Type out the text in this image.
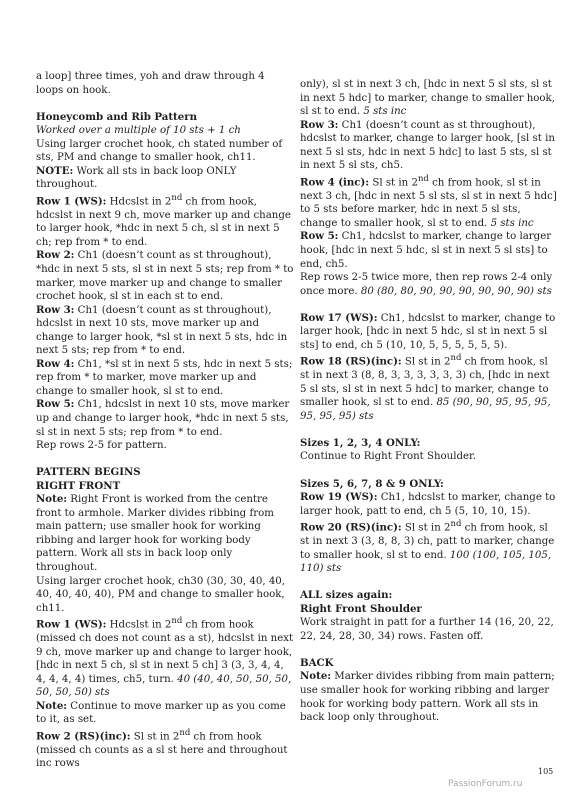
a loop] three times, yoh and draw through 4 loops on hook.

Honeycomb and Rib Pattern

Worked over a multiple of 10 sts + 1 ch

Using larger crochet hook, ch stated number of sts, PM and change to smaller hook, ch11.

NOTE: Work all sts in back loop ONLY throughout.

Row 1 (WS): Hdcslst in 2nd ch from hook, hdcslst in next 9 ch, move marker up and change to larger hook, *hdc in next 5 ch, sl st in next 5 ch; rep from * to end.

Row 2: Ch1 (doesn’t count as st throughout), *hdc in next 5 sts, sl st in next 5 sts; rep from * to marker, move marker up and change to smaller crochet hook, sl st in each st to end.

Row 3: Ch1 (doesn’t count as st throughout), hdcslst in next 10 sts, move marker up and change to larger hook, *sl st in next 5 sts, hdc in next 5 sts; rep from * to end.

Row 4: Ch1, *sl st in next 5 sts, hdc in next 5 sts; rep from * to marker, move marker up and change to smaller hook, sl st to end.

Row 5: Ch1, hdcslst in next 10 sts, move marker up and change to larger hook, *hdc in next 5 sts, sl st in next 5 sts; rep from * to end.

Rep rows 2-5 for pattern.

PATTERN BEGINS
RIGHT FRONT

Note: Right Front is worked from the centre front to armhole. Marker divides ribbing from main pattern; use smaller hook for working ribbing and larger hook for working body pattern. Work all sts in back loop only throughout.

Using larger crochet hook, ch30 (30, 30, 40, 40, 40, 40, 40, 40), PM and change to smaller hook, ch11.

Row 1 (WS): Hdcslst in 2nd ch from hook (missed ch does not count as a st), hdcslst in next 9 ch, move marker up and change to larger hook, [hdc in next 5 ch, sl st in next 5 ch] 3 (3, 3, 4, 4, 4, 4, 4, 4) times, ch5, turn. 40 (40, 40, 50, 50, 50, 50, 50, 50) sts

Note: Continue to move marker up as you come to it, as set.

Row 2 (RS)(inc): Sl st in 2nd ch from hook (missed ch counts as a sl st here and throughout inc rows

only), sl st in next 3 ch, [hdc in next 5 sl sts, sl st in next 5 hdc] to marker, change to smaller hook, sl st to end. 5 sts inc

Row 3: Ch1 (doesn’t count as st throughout), hdcslst to marker, change to larger hook, [sl st in next 5 sl sts, hdc in next 5 hdc] to last 5 sts, sl st in next 5 sl sts, ch5.

Row 4 (inc): Sl st in 2nd ch from hook, sl st in next 3 ch, [hdc in next 5 sl sts, sl st in next 5 hdc] to 5 sts before marker, hdc in next 5 sl sts, change to smaller hook, sl st to end. 5 sts inc

Row 5: Ch1, hdcslst to marker, change to larger hook, [hdc in next 5 hdc, sl st in next 5 sl sts] to end, ch5.

Rep rows 2-5 twice more, then rep rows 2-4 only once more. 80 (80, 80, 90, 90, 90, 90, 90, 90) sts

Row 17 (WS): Ch1, hdcslst to marker, change to larger hook, [hdc in next 5 hdc, sl st in next 5 sl sts] to end, ch 5 (10, 10, 5, 5, 5, 5, 5, 5).

Row 18 (RS)(inc): Sl st in 2nd ch from hook, sl st in next 3 (8, 8, 3, 3, 3, 3, 3, 3) ch, [hdc in next 5 sl sts, sl st in next 5 hdc] to marker, change to smaller hook, sl st to end. 85 (90, 90, 95, 95, 95, 95, 95, 95) sts

Sizes 1, 2, 3, 4 ONLY:

Continue to Right Front Shoulder.

Sizes 5, 6, 7, 8 & 9 ONLY:

Row 19 (WS): Ch1, hdcslst to marker, change to larger hook, patt to end, ch 5 (5, 10, 10, 15).

Row 20 (RS)(inc): Sl st in 2nd ch from hook, sl st in next 3 (3, 8, 8, 3) ch, patt to marker, change to smaller hook, sl st to end. 100 (100, 105, 105, 110) sts

ALL sizes again:
Right Front Shoulder

Work straight in patt for a further 14 (16, 20, 22, 22, 24, 28, 30, 34) rows. Fasten off.

BACK

Note: Marker divides ribbing from main pattern; use smaller hook for working ribbing and larger hook for working body pattern. Work all sts in back loop only throughout.

105
PassionForum.ru
